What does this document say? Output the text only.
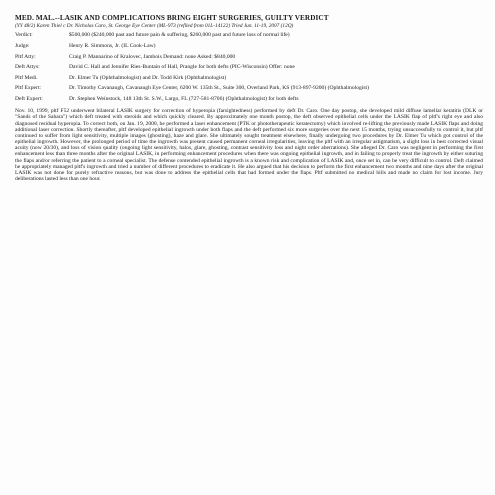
MED. MAL.--LASIK AND COMPLICATIONS BRING EIGHT SURGERIES, GUILTY VERDICT
(YY 48/2) Karen Thiel c Dr. Nicholas Caro, St. George Eye Center (ML-973 (refiled from 01L-14122) Tried Jun. 11-19, 2007 (12Q)
Verdict:	$500,000 ($240,000 past and future pain & suffering, $260,000 past and future loss of normal life)
Judge:	Henry R. Simmons, Jr. (IL Cook-Law)
Pltf Atty:	Craig P. Mannarino of Kralovec, Jambois Demand: none Asked: $840,000
Deft Attys:	David C. Hall and Jennifer Ries-Buntain of Hall, Prangle for both defts (PIC-Wisconsin) Offer: none
Pltf Medi.	Dr. Elmer Tu (Ophthalmologist) and Dr. Todd Kirk (Ophthalmologist)
Pltf Expert:	Dr. Timothy Cavanaugh, Cavanaugh Eye Center, 6200 W. 135th St., Suite 300, Overland Park, KS (913-897-9200) (Ophthalmologist)
Deft Expert:	Dr. Stephen Weinstock, 148 13th St. S.W., Largo, FL (727-581-8706) (Ophthalmologist) for both defts
Nov. 10, 1999, pltf F52 underwent bilateral LASIK surgery for correction of hyperopia (farsightedness) performed by deft Dr. Caro. One day postop, she developed mild diffuse lamellar keratitis (DLK or "Sands of the Sahara") which deft treated with steroids and which quickly cleared. By approximately one month postop, the deft observed epithelial cells under the LASIK flap of pltf's right eye and also diagnosed residual hyperopia. To correct both, on Jan. 19, 2000, he performed a laser enhancement (PTK or phototherapeutic keratectomy) which involved re-lifting the previously made LASIK flaps and doing additional laser correction. Shortly thereafter, pltf developed epithelial ingrowth under both flaps and the deft performed six more surgeries over the next 15 months, trying unsuccessfully to control it, but pltf continued to suffer from light sensitivity, multiple images (ghosting), haze and glare. She ultimately sought treatment elsewhere, finally undergoing two procedures by Dr. Elmer Tu which got control of the epithelial ingrowth. However, the prolonged period of time the ingrowth was present caused permanent corneal irregularities, leaving the pltf with an irregular astigmatism, a slight loss in best corrected visual acuity (now 20/30), and loss of vision quality (ongoing light sensitivity, halos, glare, ghosting, contrast sensitivity loss and night order aberrations). She alleged Dr. Caro was negligent in performing the first enhancement less than three months after the original LASIK, in performing enhancement procedures when there was ongoing epithelial ingrowth, and in failing to properly treat the ingrowth by either suturing the flaps and/or referring the patient to a corneal specialist. The defense contended epithelial ingrowth is a known risk and complication of LASIK and, once set in, can be very difficult to control. Deft claimed he appropriately managed pltf's ingrowth and tried a number of different procedures to eradicate it. He also argued that his decision to perform the first enhancement two months and nine days after the original LASIK was not done for purely refractive reasons, but was done to address the epithelial cells that had formed under the flaps. Pltf submitted no medical bills and made no claim for lost income. Jury deliberations lasted less than one hour.
